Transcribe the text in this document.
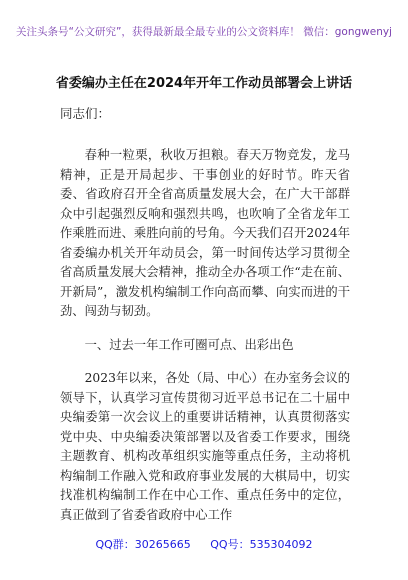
关注头条号“公文研究”，获得最新最全最专业的公文资料库！ 微信：gongwenyj
省委编办主任在2024年开年工作动员部署会上讲话
同志们：

春种一粒栗，秋收万担粮。春天万物竞发，龙马精神，正是开局起步、干事创业的好时节。昨天省委、省政府召开全省高质量发展大会，在广大干部群众中引起强烈反响和强烈共鸣，也吹响了全省龙年工作乘胜而进、乘胜向前的号角。今天我们召开2024年省委编办机关开年动员会，第一时间传达学习贯彻全省高质量发展大会精神，推动全办各项工作“走在前、开新局”，激发机构编制工作向高而攀、向实而进的干劲、闯劲与韧劲。

一、过去一年工作可圈可点、出彩出色

2023年以来，各处（局、中心）在办室务会议的领导下，认真学习宣传贯彻习近平总书记在二十届中央编委第一次会议上的重要讲话精神，认真贯彻落实党中央、中央编委决策部署以及省委工作要求，围绕主题教育、机构改革组织实施等重点任务，主动将机构编制工作融入党和政府事业发展的大棋局中，切实找准机构编制工作在中心工作、重点任务中的定位，真正做到了省委省政府中心工作

QQ群：30265665 QQ号：535304092
